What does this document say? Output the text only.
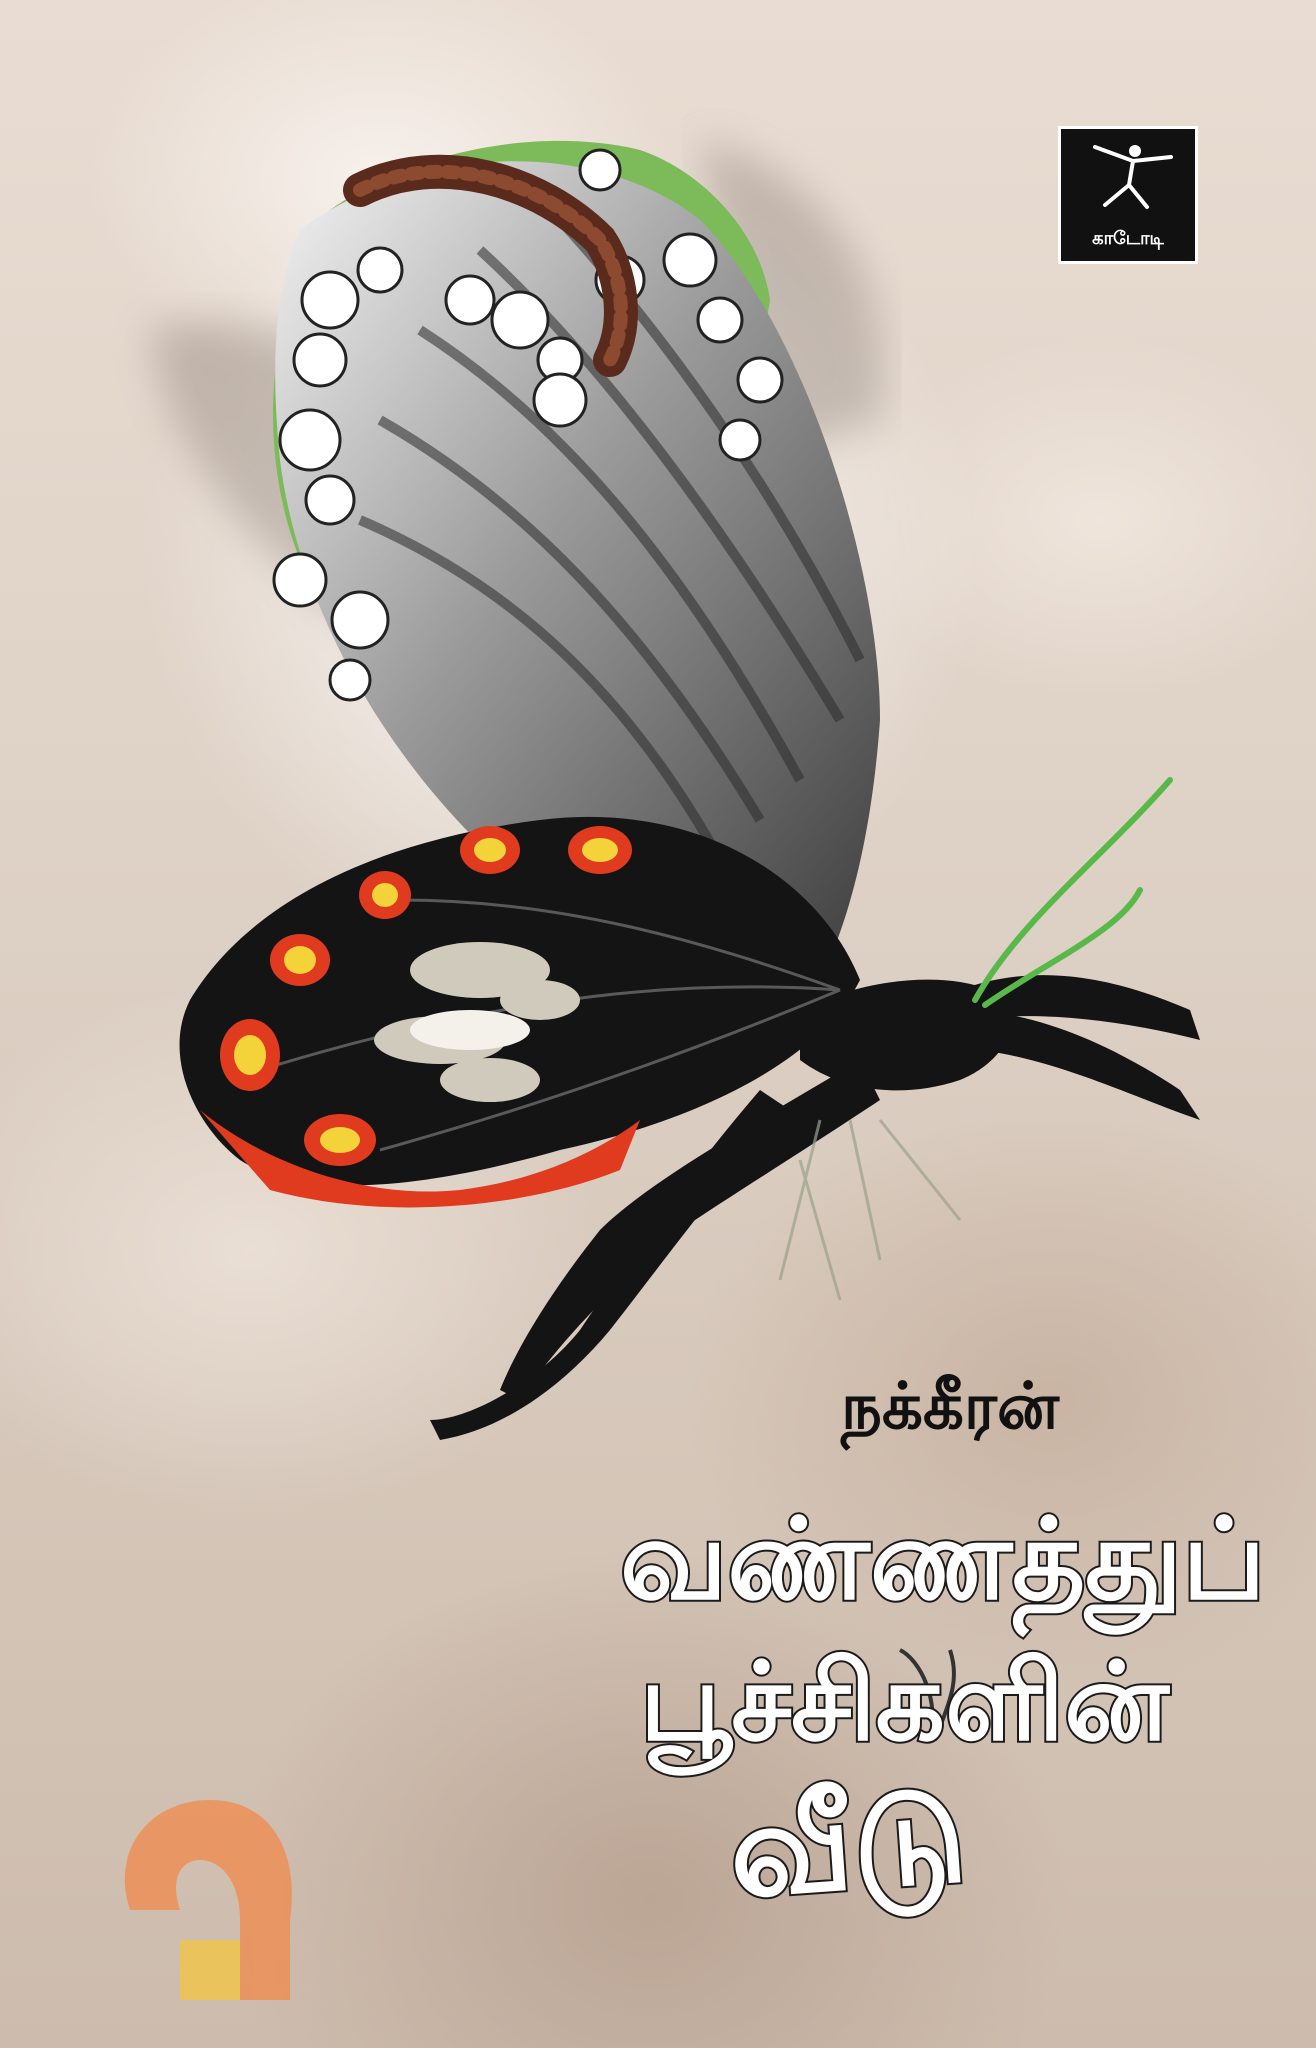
காடோடி
நக்கீரன்
வண்ணத்துப்
பூச்சிகளின்
வீடு
